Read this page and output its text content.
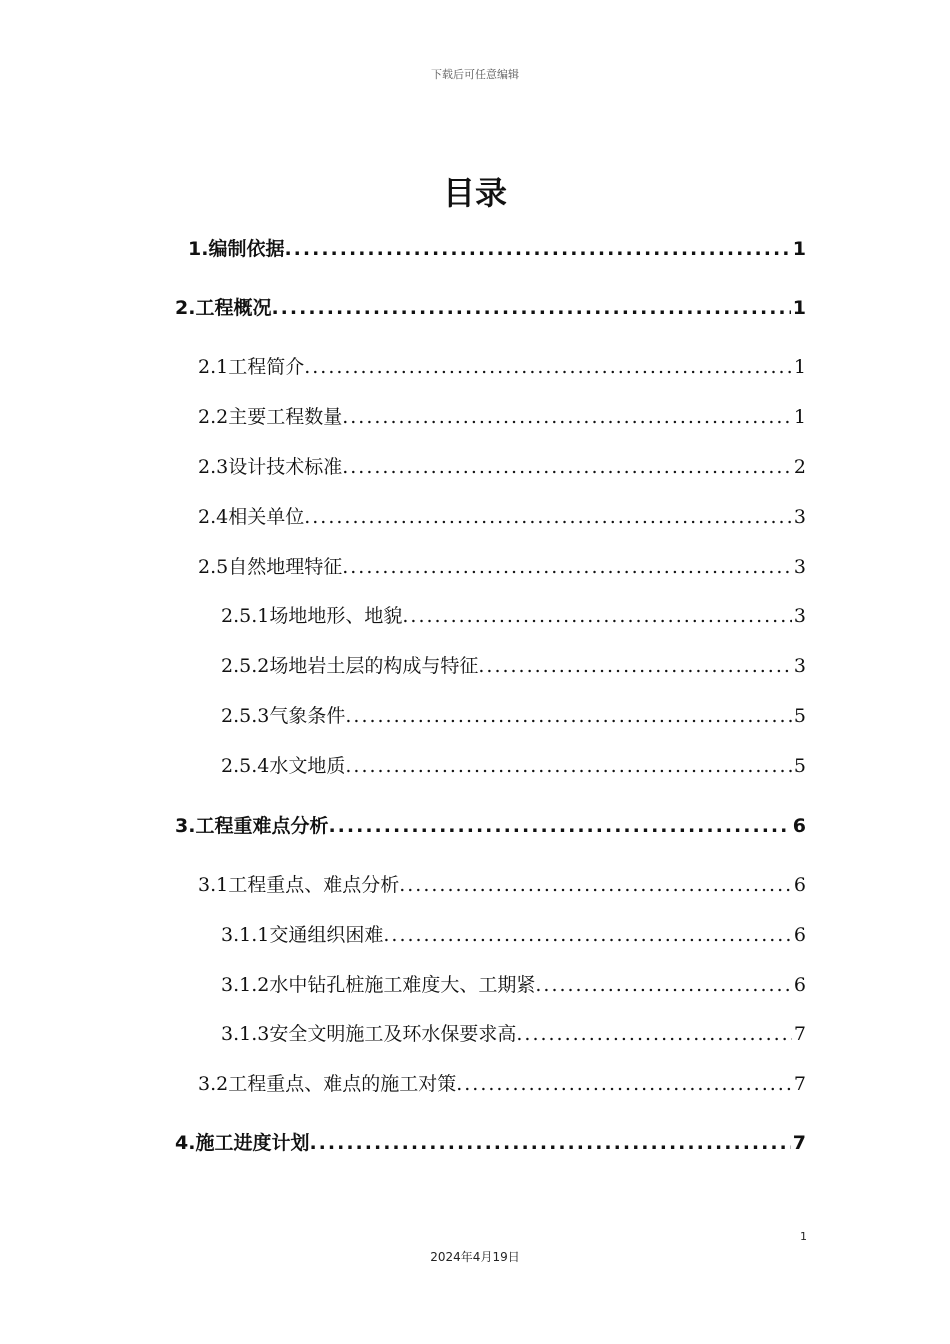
下载后可任意编辑
目录
1.编制依据 .....	1
2.工程概况 .....	1
2.1工程简介 .....	1
2.2主要工程数量 .....	1
2.3设计技术标准 .....	2
2.4相关单位 .....	3
2.5自然地理特征 .....	3
2.5.1场地地形、地貌 .....	3
2.5.2场地岩土层的构成与特征 .....	3
2.5.3气象条件 .....	5
2.5.4水文地质 .....	5
3.工程重难点分析 .....	6
3.1工程重点、难点分析 .....	6
3.1.1交通组织困难 .....	6
3.1.2水中钻孔桩施工难度大、工期紧 .....	6
3.1.3安全文明施工及环水保要求高 .....	7
3.2工程重点、难点的施工对策 .....	7
4.施工进度计划 .....	7
1
2024年4月19日
